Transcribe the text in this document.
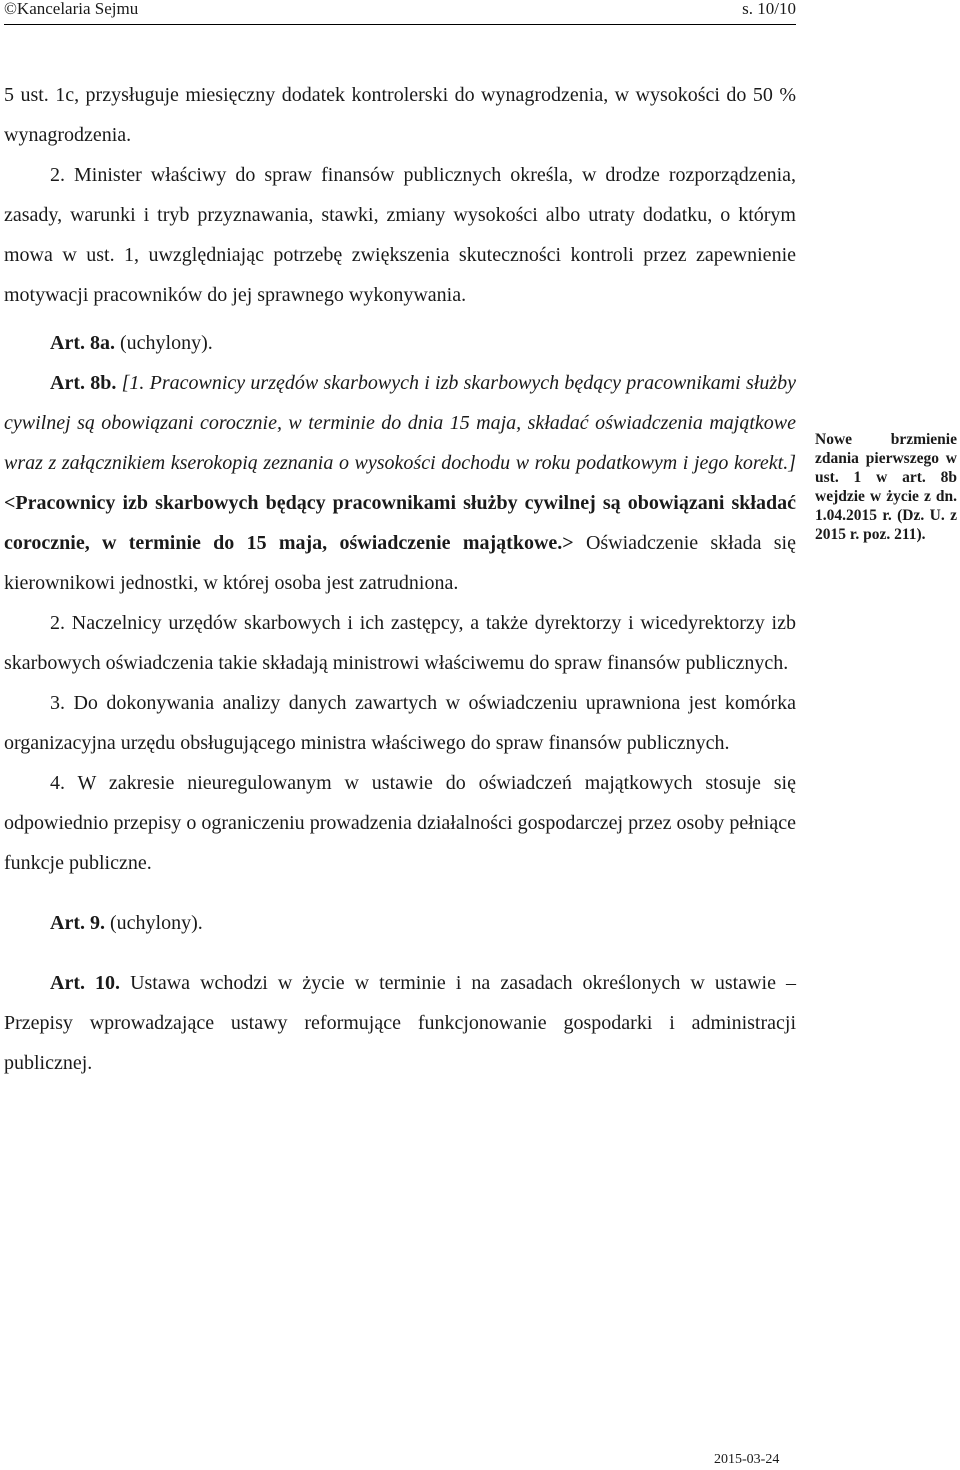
©Kancelaria Sejmu	s. 10/10

5 ust. 1c, przysługuje miesięczny dodatek kontrolerski do wynagrodzenia, w wysokości do 50 % wynagrodzenia.

2. Minister właściwy do spraw finansów publicznych określa, w drodze rozporządzenia, zasady, warunki i tryb przyznawania, stawki, zmiany wysokości albo utraty dodatku, o którym mowa w ust. 1, uwzględniając potrzebę zwiększenia skuteczności kontroli przez zapewnienie motywacji pracowników do jej sprawnego wykonywania.

Art. 8a. (uchylony).

Art. 8b. [1. Pracownicy urzędów skarbowych i izb skarbowych będący pracownikami służby cywilnej są obowiązani corocznie, w terminie do dnia 15 maja, składać oświadczenia majątkowe wraz z załącznikiem kserokopią zeznania o wysokości dochodu w roku podatkowym i jego korekt.] <Pracownicy izb skarbowych będący pracownikami służby cywilnej są obowiązani składać corocznie, w terminie do 15 maja, oświadczenie majątkowe.> Oświadczenie składa się kierownikowi jednostki, w której osoba jest zatrudniona.

2. Naczelnicy urzędów skarbowych i ich zastępcy, a także dyrektorzy i wicedyrektorzy izb skarbowych oświadczenia takie składają ministrowi właściwemu do spraw finansów publicznych.

3. Do dokonywania analizy danych zawartych w oświadczeniu uprawniona jest komórka organizacyjna urzędu obsługującego ministra właściwego do spraw finansów publicznych.

4. W zakresie nieuregulowanym w ustawie do oświadczeń majątkowych stosuje się odpowiednio przepisy o ograniczeniu prowadzenia działalności gospodarczej przez osoby pełniące funkcje publiczne.

Art. 9. (uchylony).

Art. 10. Ustawa wchodzi w życie w terminie i na zasadach określonych w ustawie – Przepisy wprowadzające ustawy reformujące funkcjonowanie gospodarki i administracji publicznej.

Nowe brzmienie zdania pierwszego w ust. 1 w art. 8b wejdzie w życie z dn. 1.04.2015 r. (Dz. U. z 2015 r. poz. 211).
2015-03-24
